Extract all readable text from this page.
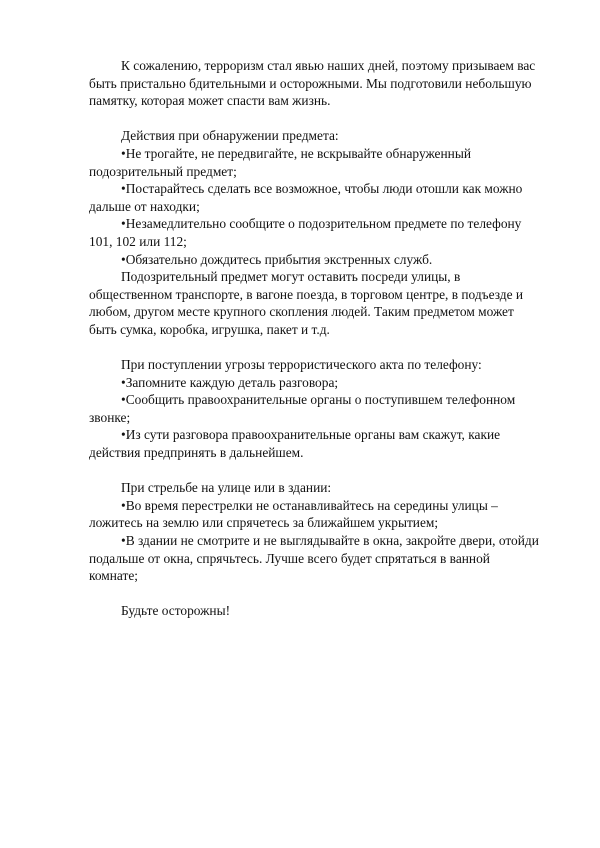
К сожалению, терроризм стал явью наших дней, поэтому призываем вас быть пристально бдительными и осторожными. Мы подготовили небольшую памятку, которая может спасти вам жизнь.

Действия при обнаружении предмета:

•Не трогайте, не передвигайте, не вскрывайте обнаруженный подозрительный предмет;

•Постарайтесь сделать все возможное, чтобы люди отошли как можно дальше от находки;

•Незамедлительно сообщите о подозрительном предмете по телефону 101, 102 или 112;

•Обязательно дождитесь прибытия экстренных служб.

Подозрительный предмет могут оставить посреди улицы, в общественном транспорте, в вагоне поезда, в торговом центре, в подъезде и любом, другом месте крупного скопления людей. Таким предметом может быть сумка, коробка, игрушка, пакет и т.д.

При поступлении угрозы террористического акта по телефону:

•Запомните каждую деталь разговора;

•Сообщить правоохранительные органы о поступившем телефонном звонке;

•Из сути разговора правоохранительные органы вам скажут, какие действия предпринять в дальнейшем.

При стрельбе на улице или в здании:

•Во время перестрелки не останавливайтесь на середины улицы – ложитесь на землю или спрячетесь за ближайшем укрытием;

•В здании не смотрите и не выглядывайте в окна, закройте двери, отойди подальше от окна, спрячьтесь. Лучше всего будет спрятаться в ванной комнате;

Будьте осторожны!
